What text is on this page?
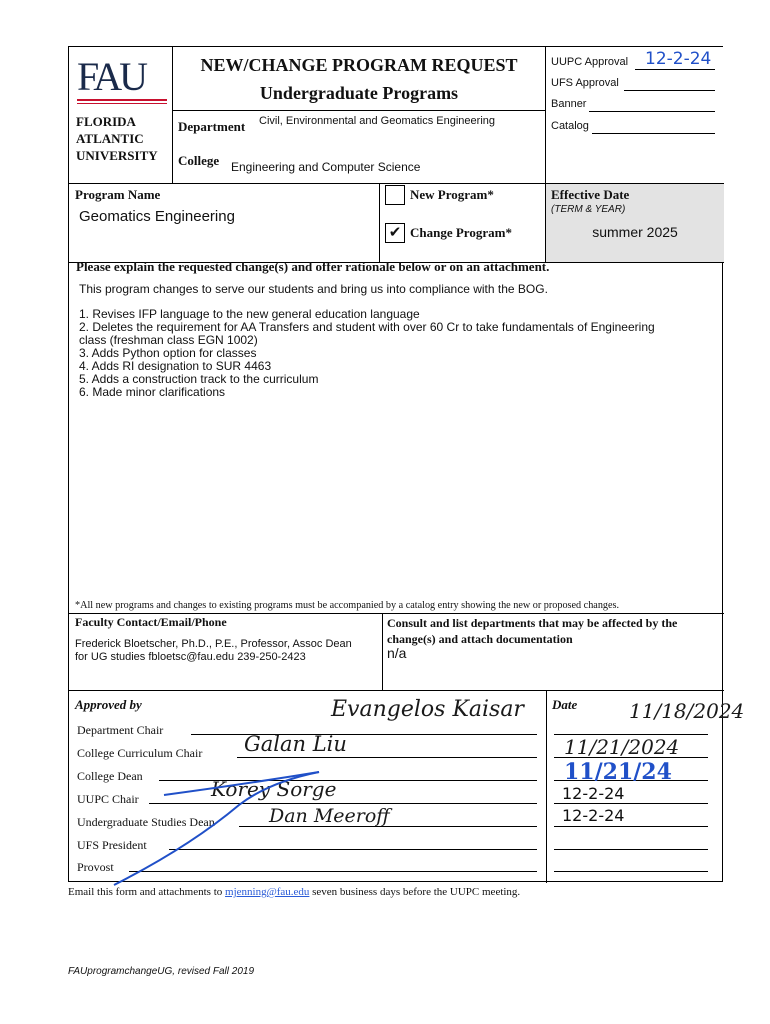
FAU
FLORIDA
ATLANTIC
UNIVERSITY
NEW/CHANGE PROGRAM REQUEST
Undergraduate Programs
Department Civil, Environmental and Geomatics Engineering
College Engineering and Computer Science
UUPC Approval 12-2-24
UFS Approval
Banner
Catalog
Program Name
Geomatics Engineering
New Program*
✔ Change Program*
Effective Date
(TERM & YEAR)
summer 2025
Please explain the requested change(s) and offer rationale below or on an attachment.
This program changes to serve our students and bring us into compliance with the BOG.
1. Revises IFP language to the new general education language
2. Deletes the requirement for AA Transfers and student with over 60 Cr to take fundamentals of Engineering
class (freshman class EGN 1002)
3. Adds Python option for classes
4. Adds RI designation to SUR 4463
5. Adds a construction track to the curriculum
6. Made minor clarifications
*All new programs and changes to existing programs must be accompanied by a catalog entry showing the new or proposed changes.
Faculty Contact/Email/Phone
Frederick Bloetscher, Ph.D., P.E., Professor, Assoc Dean
for UG studies fbloetsc@fau.edu 239-250-2423
Consult and list departments that may be affected by the
change(s) and attach documentation
n/a
Approved by	Date
Department Chair
College Curriculum Chair
College Dean
UUPC Chair
Undergraduate Studies Dean
UFS President
Provost
Evangelos Kaisar
Galan Liu
Korey Sorge
Dan Meeroff
11/18/2024
11/21/2024
11/21/24
12-2-24
12-2-24
Email this form and attachments to mjenning@fau.edu seven business days before the UUPC meeting.
FAUprogramchangeUG, revised Fall 2019
